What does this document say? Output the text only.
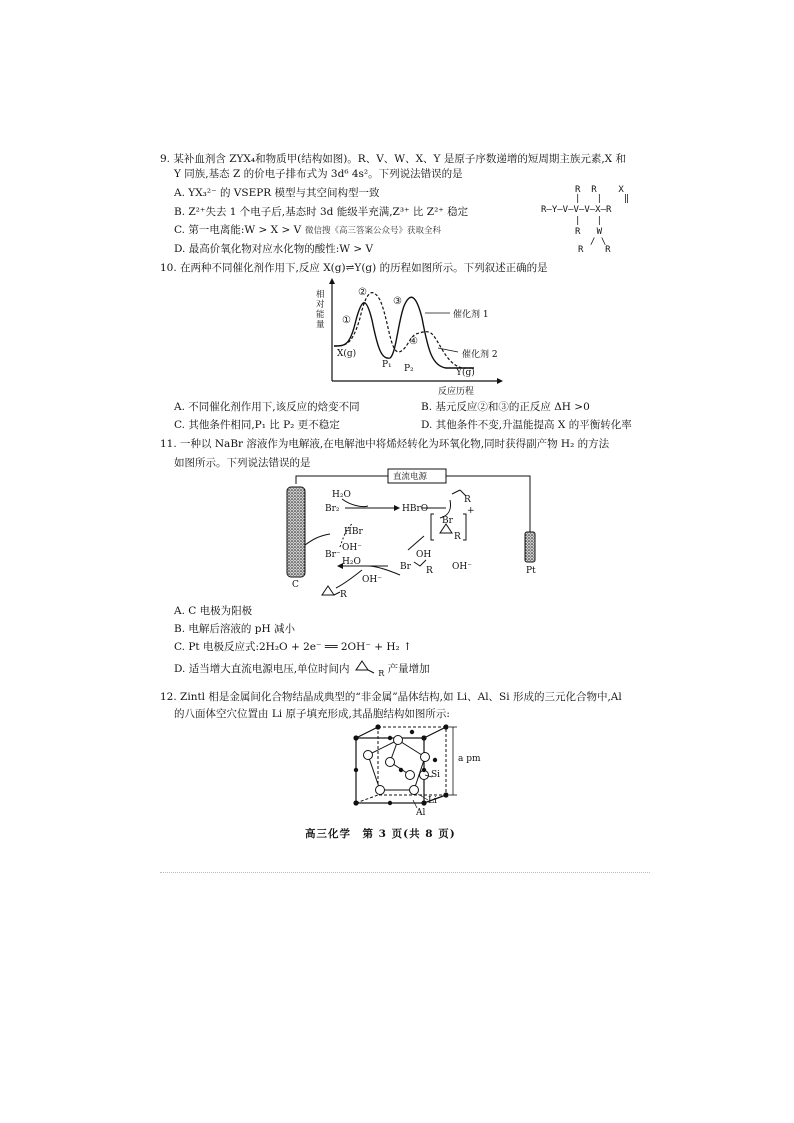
9. 某补血剂含 ZYX₄和物质甲(结构如图)。R、V、W、X、Y 是原子序数递增的短周期主族元素,X 和
Y 同族,基态 Z 的价电子排布式为 3d⁶ 4s²。下列说法错误的是
A. YX₃²⁻ 的 VSEPR 模型与其空间构型一致
B. Z²⁺失去 1 个电子后,基态时 3d 能级半充满,Z³⁺ 比 Z²⁺ 稳定
C. 第一电离能:W > X > V 微信搜《高三答案公众号》获取全科
D. 最高价氧化物对应水化物的酸性:W > V
R  R    X
|   |    ‖
R—Y—V—V—V—X—R
|   |
R   W
/ \
R    R
10. 在两种不同催化剂作用下,反应 X(g)⇌Y(g) 的历程如图所示。下列叙述正确的是
相对能量
反应历程
X(g)
Y(g)
P₁ P₂
①
②
③
④
催化剂 1
催化剂 2
A. 不同催化剂作用下,该反应的焓变不同	B. 基元反应②和③的正反应 ΔH >0
C. 其他条件相同,P₁ 比 P₂ 更不稳定	D. 其他条件不变,升温能提高 X 的平衡转化率
11. 一种以 NaBr 溶液作为电解液,在电解池中将烯烃转化为环氧化物,同时获得副产物 H₂ 的方法
如图所示。下列说法错误的是
直流电源
C
Pt
H₂O
Br₂	HBrO
R
HBr
OH⁻
Br⁻
H₂O
OH⁻
OH⁻
OH
Br R
Br
R
+
R
A. C 电极为阳极
B. 电解后溶液的 pH 减小
C. Pt 电极反应式:2H₂O + 2e⁻ ══ 2OH⁻ + H₂ ↑
D. 适当增大直流电源电压,单位时间内	$_R$ 产量增加
12. Zintl 相是金属间化合物结晶成典型的“非金属”晶体结构,如 Li、Al、Si 形成的三元化合物中,Al
的八面体空穴位置由 Li 原子填充形成,其晶胞结构如图所示:
a pm
Si
Li
Al
高三化学　第 3 页(共 8 页)
